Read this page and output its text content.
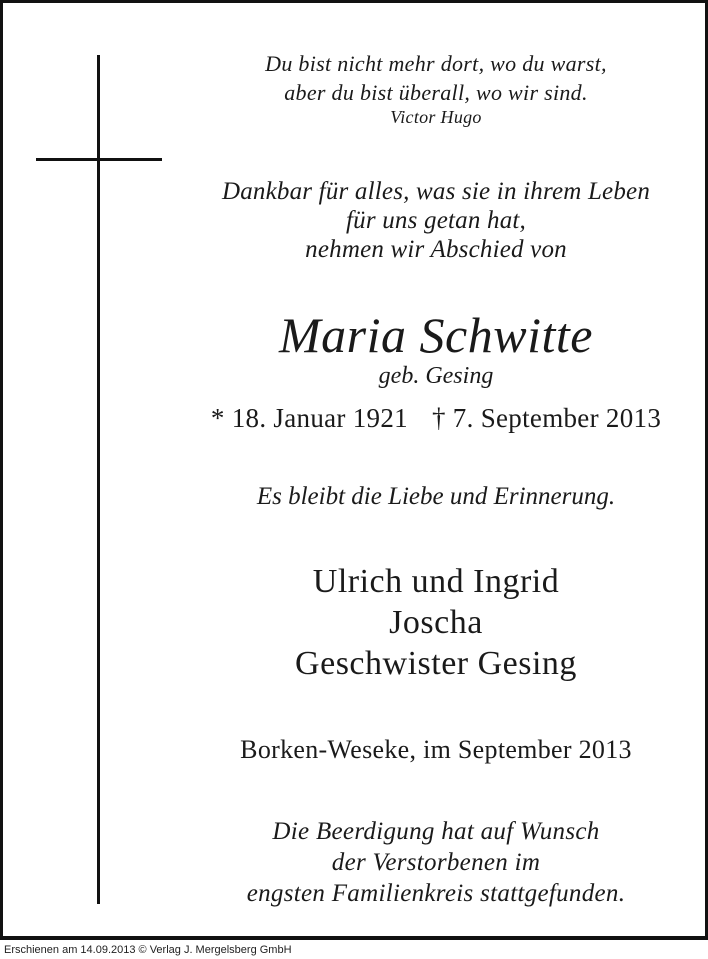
Du bist nicht mehr dort, wo du warst,
aber du bist überall, wo wir sind.
Victor Hugo
Dankbar für alles, was sie in ihrem Leben
für uns getan hat,
nehmen wir Abschied von
Maria Schwitte
geb. Gesing
* 18. Januar 1921 † 7. September 2013
Es bleibt die Liebe und Erinnerung.
Ulrich und Ingrid
Joscha
Geschwister Gesing
Borken-Weseke, im September 2013
Die Beerdigung hat auf Wunsch
der Verstorbenen im
engsten Familienkreis stattgefunden.
Erschienen am 14.09.2013 © Verlag J. Mergelsberg GmbH
